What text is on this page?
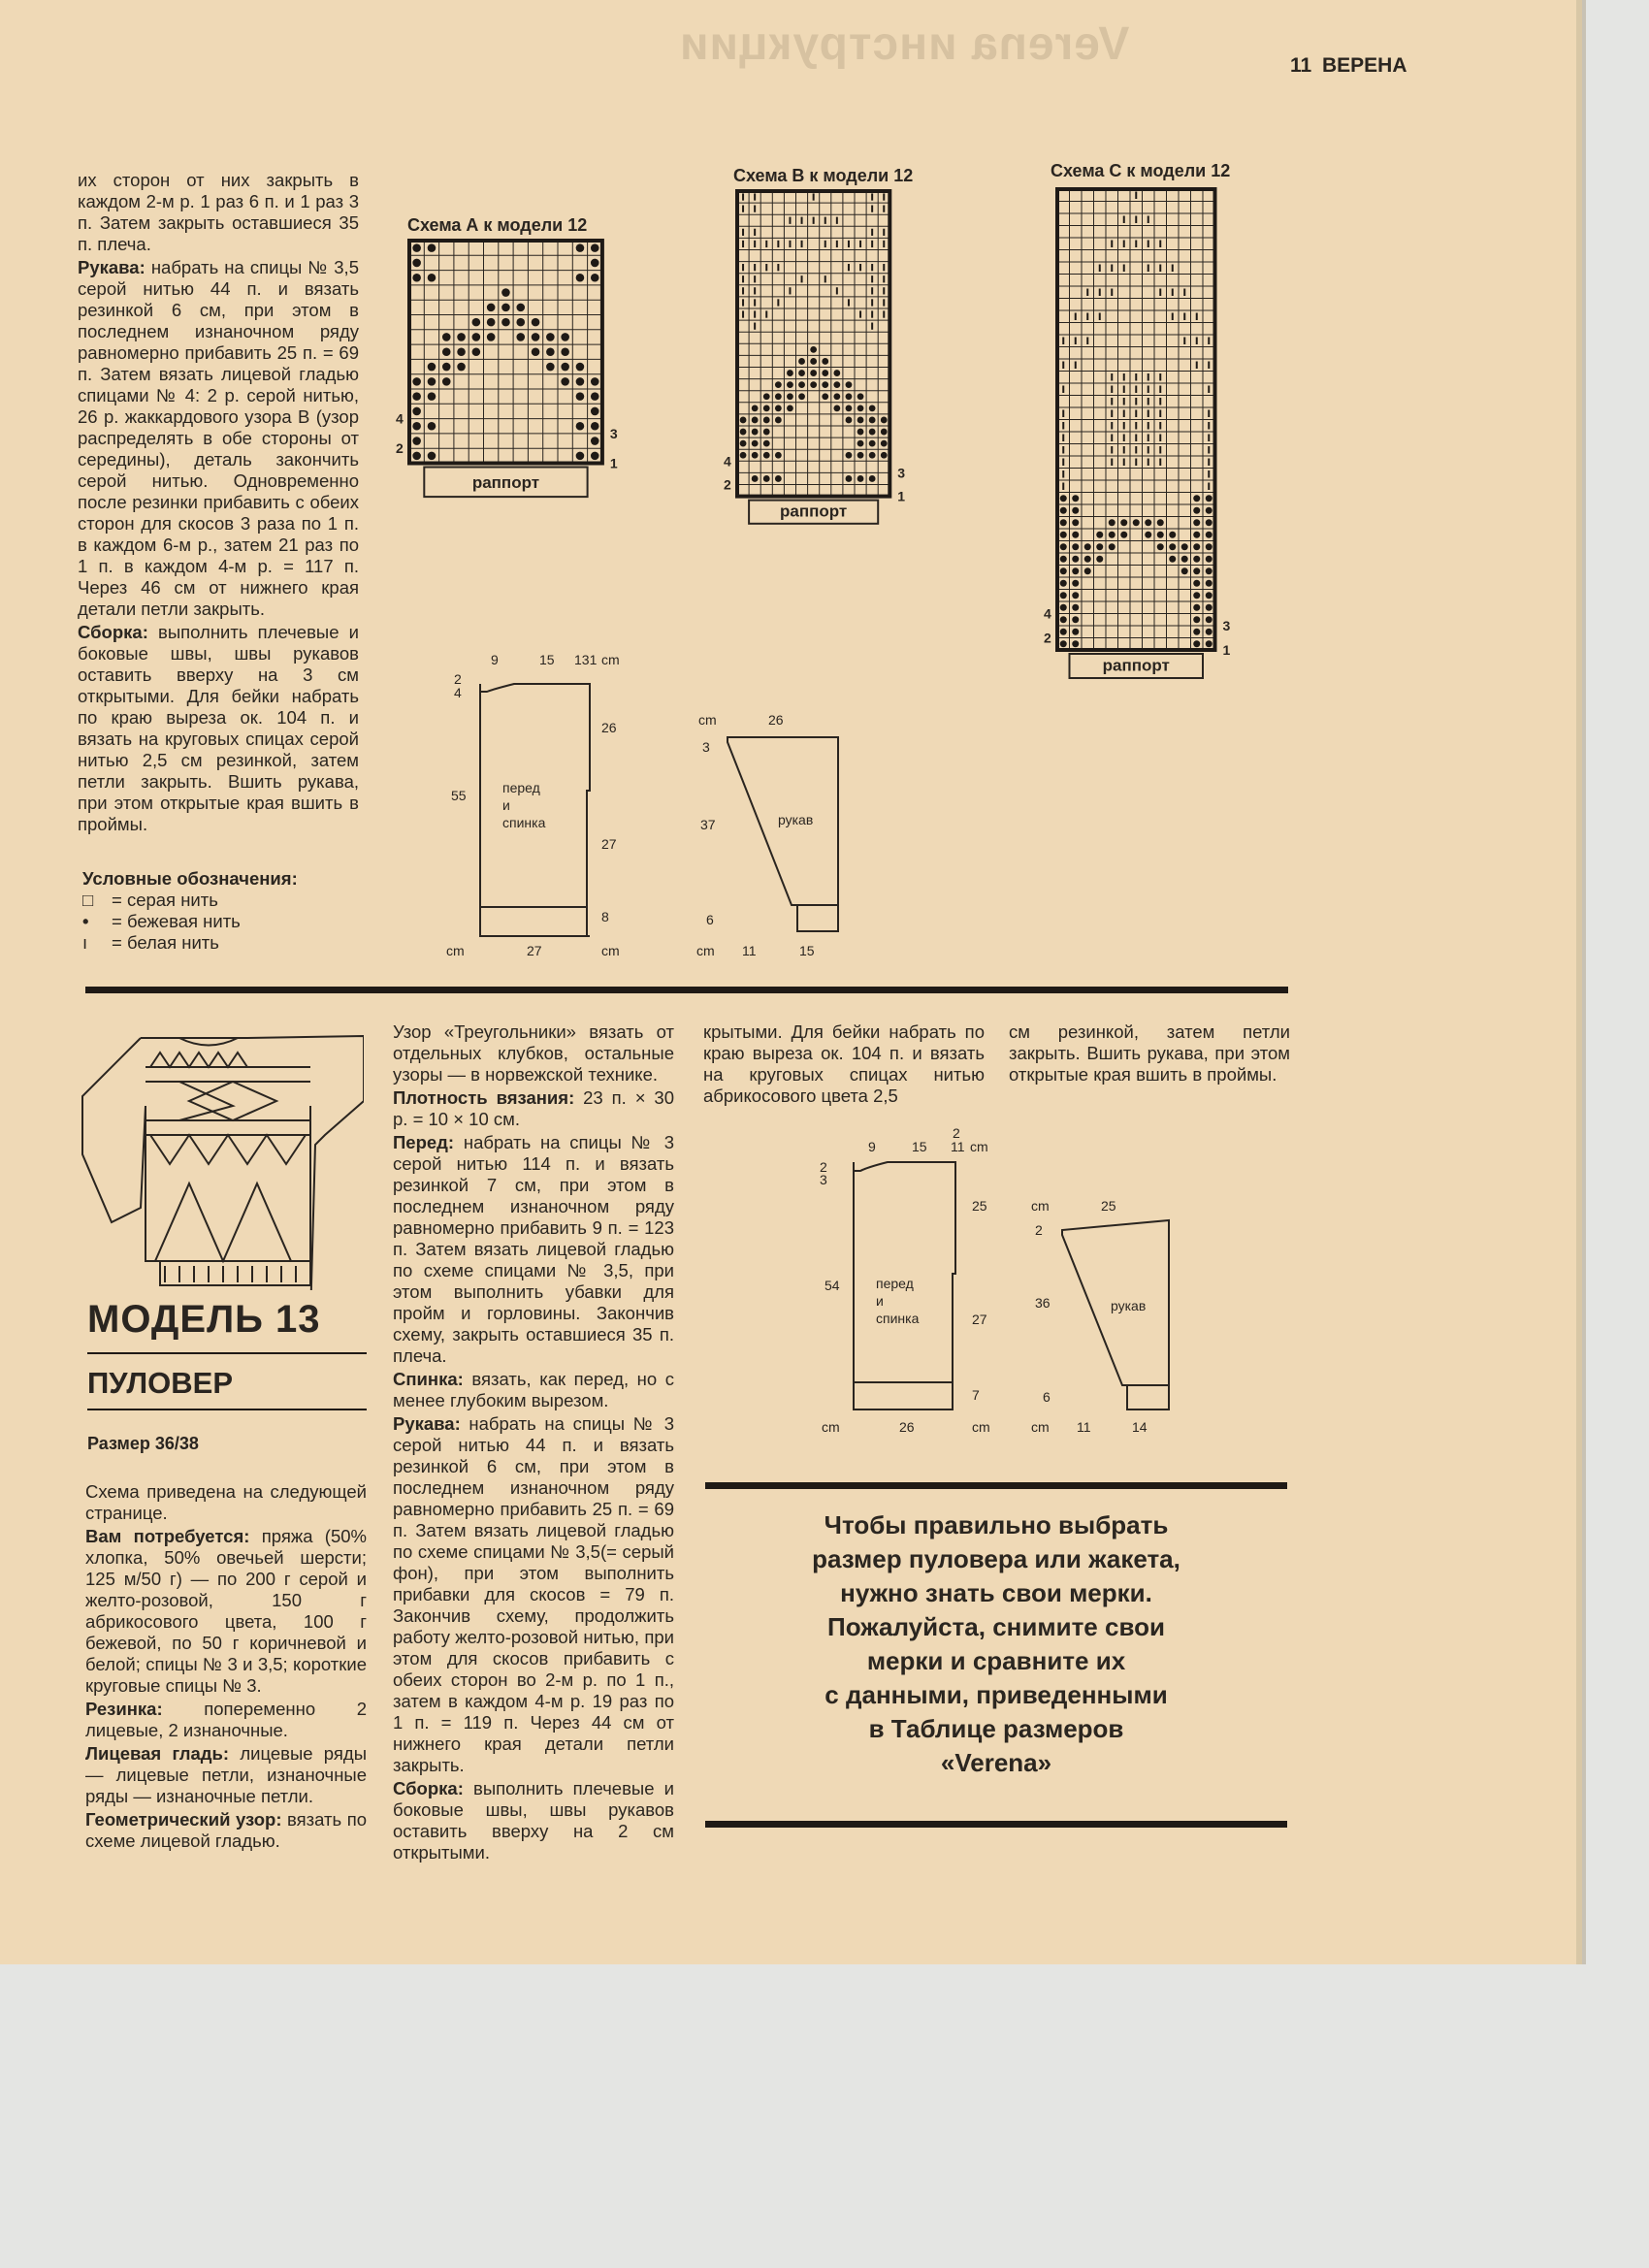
Verena инструкции	11 ВЕРЕНА

их сторон от них закрыть в каждом 2-м р. 1 раз 6 п. и 1 раз 3 п. Затем закрыть оставшиеся 35 п. плеча.

Рукава: набрать на спицы № 3,5 серой нитью 44 п. и вязать резинкой 6 см, при этом в последнем изнаночном ряду равномерно прибавить 25 п. = 69 п. Затем вязать лицевой гладью спицами № 4: 2 р. серой нитью, 26 р. жаккардового узора В (узор распределять в обе стороны от середины), деталь закончить серой нитью. Одновременно после резинки прибавить с обеих сторон для скосов 3 раза по 1 п. в каждом 6-м р., затем 21 раз по 1 п. в каждом 4-м р. = 117 п. Через 46 см от нижнего края детали петли закрыть.

Сборка: выполнить плечевые и боковые швы, швы рукавов оставить вверху на 3 см открытыми. Для бейки набрать по краю выреза ок. 104 п. и вязать на круговых спицах серой нитью 2,5 см резинкой, затем петли закрыть. Вшить рукава, при этом открытые края вшить в проймы.

Условные обозначения:
□ = серая нить
• = бежевая нить
ı = белая нить
Схема А к модели 12
Схема В к модели 12	Схема С к модели 12
раппорт
4
2
3
1
раппорт
4
2
3
1
раппорт
4
2
3
1
перед
и
спинка
55
2
4
9	15 131 cm
26
27
8
cm	27	cm
рукав
cm	26
3
37
6
cm 11	15
МОДЕЛЬ 13
ПУЛОВЕР
Размер 36/38

Схема приведена на следующей странице.

Вам потребуется: пряжа (50% хлопка, 50% овечьей шерсти; 125 м/50 г) — по 200 г серой и желто-розовой, 150 г абрикосового цвета, 100 г бежевой, по 50 г коричневой и белой; спицы № 3 и 3,5; короткие круговые спицы № 3.

Резинка: попеременно 2 лицевые, 2 изнаночные.

Лицевая гладь: лицевые ряды — лицевые петли, изнаночные ряды — изнаночные петли.

Геометрический узор: вязать по схеме лицевой гладью.

Узор «Треугольники» вязать от отдельных клубков, остальные узоры — в норвежской технике.

Плотность вязания: 23 п. × 30 р. = 10 × 10 см.

Перед: набрать на спицы № 3 серой нитью 114 п. и вязать резинкой 7 см, при этом в последнем изнаночном ряду равномерно прибавить 9 п. = 123 п. Затем вязать лицевой гладью по схеме спицами № 3,5, при этом выполнить убавки для пройм и горловины. Закончив схему, закрыть оставшиеся 35 п. плеча.

Спинка: вязать, как перед, но с менее глубоким вырезом.

Рукава: набрать на спицы № 3 серой нитью 44 п. и вязать резинкой 6 см, при этом в последнем изнаночном ряду равномерно прибавить 25 п. = 69 п. Затем вязать лицевой гладью по схеме спицами № 3,5(= серый фон), при этом выполнить прибавки для скосов = 79 п. Закончив схему, продолжить работу желто-розовой нитью, при этом для скосов прибавить с обеих сторон во 2-м р. по 1 п., затем в каждом 4-м р. 19 раз по 1 п. = 119 п. Через 44 см от нижнего края детали петли закрыть.

Сборка: выполнить плечевые и боковые швы, швы рукавов оставить вверху на 2 см открытыми.

крытыми. Для бейки набрать по краю выреза ок. 104 п. и вязать на круговых спицах нитью абрикосового цвета 2,5

см резинкой, затем петли закрыть. Вшить рукава, при этом открытые края вшить в проймы.

перед
и
спинка
54
2
3
9	15
2
11 cm
25
27
7
cm	26	cm
рукав
cm	25
2
36
6
cm 11	14
Чтобы правильно выбрать
размер пуловера или жакета,
нужно знать свои мерки.
Пожалуйста, снимите свои
мерки и сравните их
с данными, приведенными
в Таблице размеров
«Verena»
